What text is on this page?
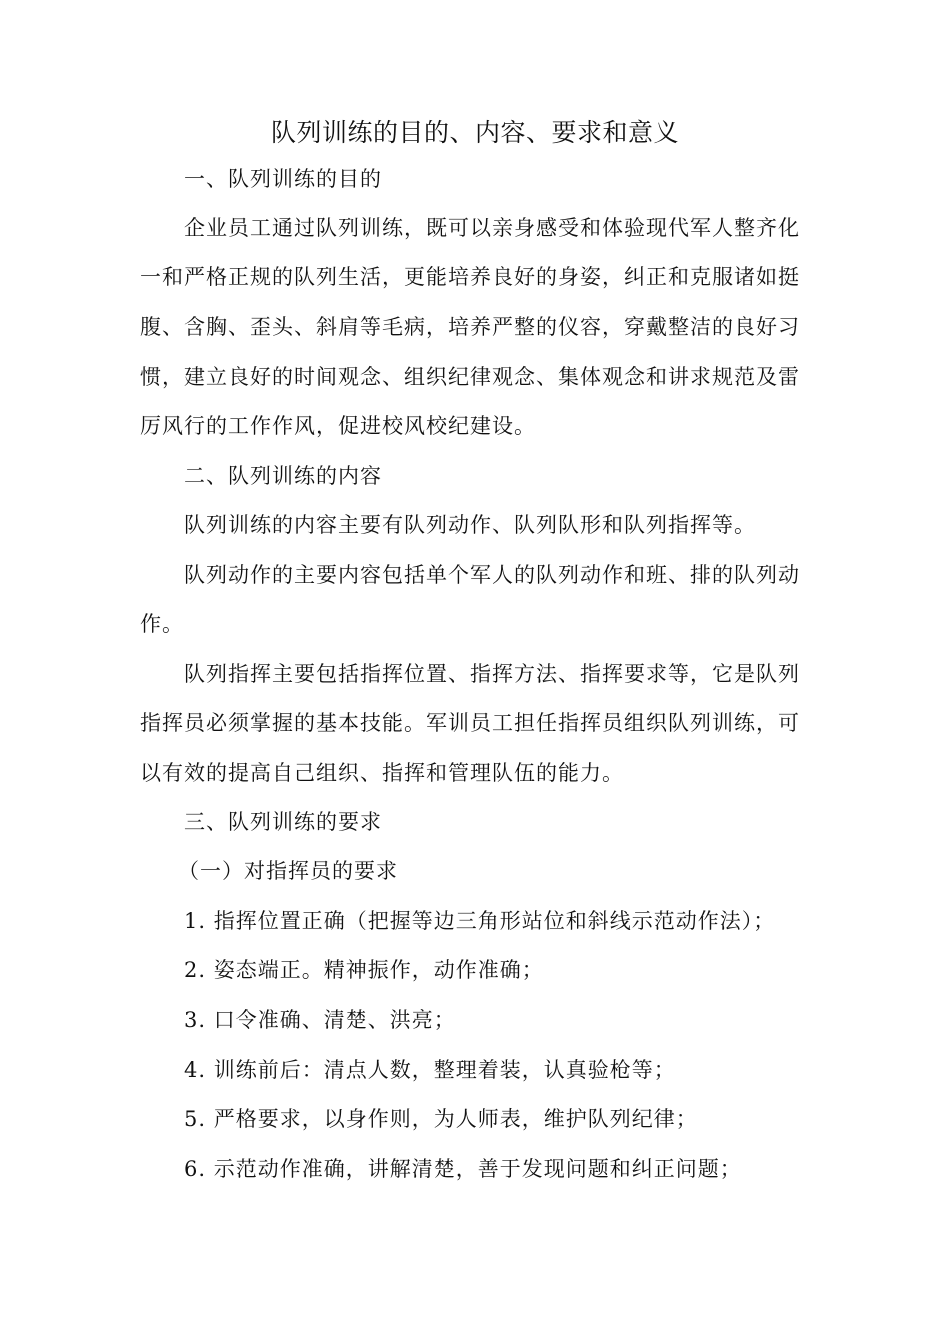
队列训练的目的、内容、要求和意义
一、队列训练的目的
企业员工通过队列训练，既可以亲身感受和体验现代军人整齐化
一和严格正规的队列生活，更能培养良好的身姿，纠正和克服诸如挺
腹、含胸、歪头、斜肩等毛病，培养严整的仪容，穿戴整洁的良好习
惯，建立良好的时间观念、组织纪律观念、集体观念和讲求规范及雷
厉风行的工作作风，促进校风校纪建设。
二、队列训练的内容
队列训练的内容主要有队列动作、队列队形和队列指挥等。
队列动作的主要内容包括单个军人的队列动作和班、排的队列动
作。
队列指挥主要包括指挥位置、指挥方法、指挥要求等，它是队列
指挥员必须掌握的基本技能。军训员工担任指挥员组织队列训练，可
以有效的提高自己组织、指挥和管理队伍的能力。
三、队列训练的要求
（一）对指挥员的要求
1. 指挥位置正确（把握等边三角形站位和斜线示范动作法）；
2. 姿态端正。精神振作，动作准确；
3. 口令准确、清楚、洪亮；
4. 训练前后：清点人数，整理着装，认真验枪等；
5. 严格要求，以身作则，为人师表，维护队列纪律；
6. 示范动作准确，讲解清楚，善于发现问题和纠正问题；
